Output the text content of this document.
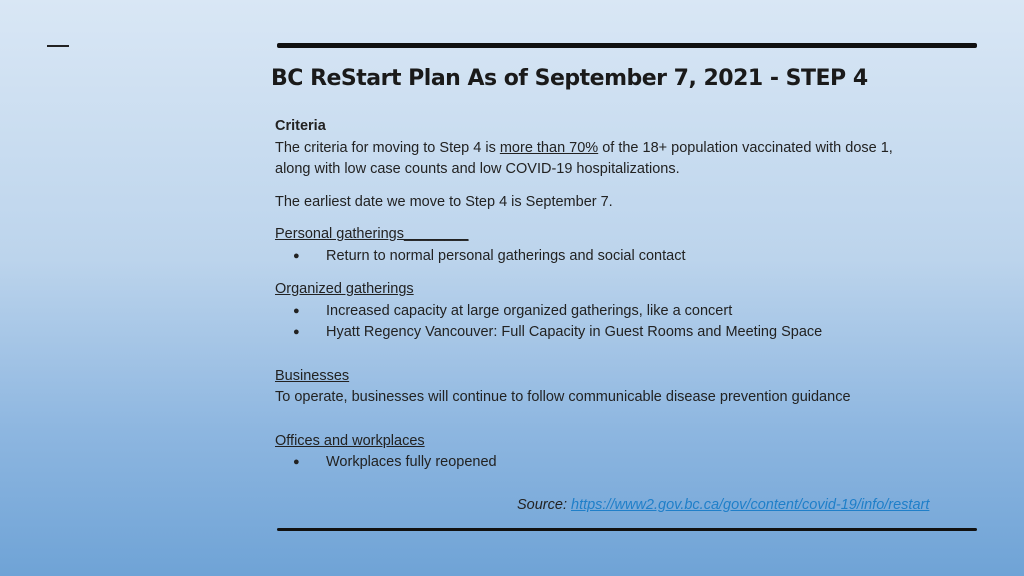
BC ReStart Plan As of September 7, 2021 - STEP 4

Criteria

The criteria for moving to Step 4 is more than 70% of the 18+ population vaccinated with dose 1,

along with low case counts and low COVID-19 hospitalizations.

The earliest date we move to Step 4 is September 7.

Personal gatherings________

● Return to normal personal gatherings and social contact

Organized gatherings

● Increased capacity at large organized gatherings, like a concert
● Hyatt Regency Vancouver: Full Capacity in Guest Rooms and Meeting Space

Businesses

To operate, businesses will continue to follow communicable disease prevention guidance

Offices and workplaces

● Workplaces fully reopened
Source: https://www2.gov.bc.ca/gov/content/covid-19/info/restart
